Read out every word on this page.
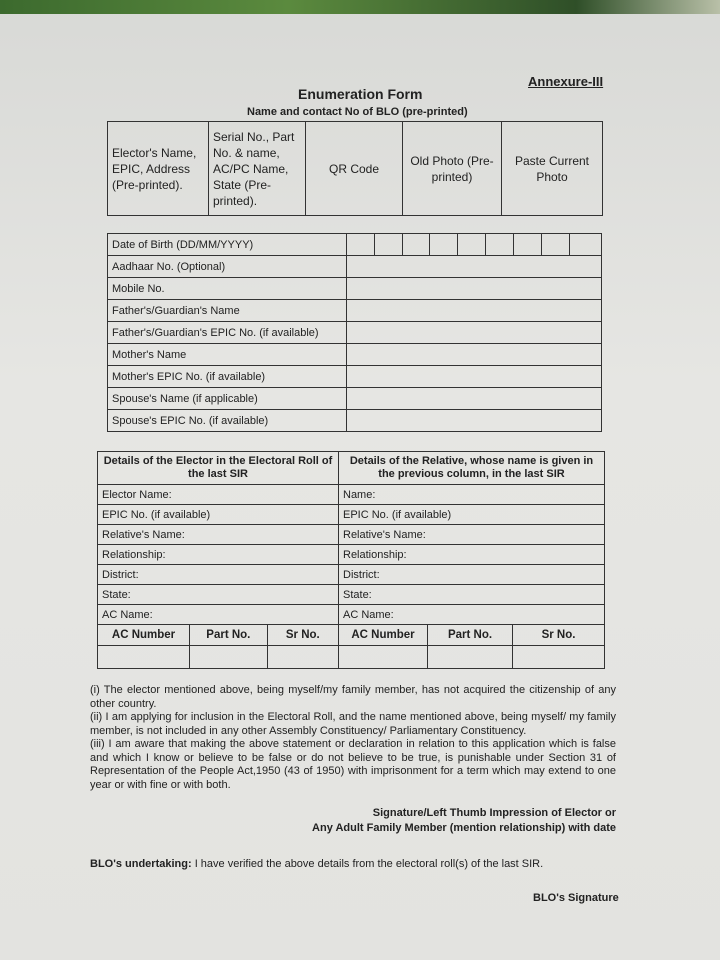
Annexure-III
Enumeration Form
Name and contact No of BLO (pre-printed)
Elector's Name, EPIC, Address (Pre-printed).	Serial No., Part No. & name, AC/PC Name, State (Pre-printed).	QR Code	Old Photo (Pre-printed)	Paste Current Photo
Date of Birth (DD/MM/YYYY)									
Aadhaar No. (Optional)									
Mobile No.									
Father's/Guardian's Name									
Father's/Guardian's EPIC No. (if available)									
Mother's Name									
Mother's EPIC No. (if available)									
Spouse's Name (if applicable)									
Spouse's EPIC No. (if available)									
Details of the Elector in the Electoral Roll of the last SIR			Details of the Relative, whose name is given in the previous column, in the last SIR		
Elector Name:			Name:		
EPIC No. (if available)			EPIC No. (if available)		
Relative's Name:			Relative's Name:		
Relationship:			Relationship:		
District:			District:		
State:			State:		
AC Name:			AC Name:		
AC Number	Part No.	Sr No.	AC Number	Part No.	Sr No.

(i) The elector mentioned above, being myself/my family member, has not acquired the citizenship of any other country.
(ii) I am applying for inclusion in the Electoral Roll, and the name mentioned above, being myself/ my family member, is not included in any other Assembly Constituency/ Parliamentary Constituency.
(iii) I am aware that making the above statement or declaration in relation to this application which is false and which I know or believe to be false or do not believe to be true, is punishable under Section 31 of Representation of the People Act,1950 (43 of 1950) with imprisonment for a term which may extend to one year or with fine or with both.
Signature/Left Thumb Impression of Elector or
Any Adult Family Member (mention relationship) with date
BLO's undertaking: I have verified the above details from the electoral roll(s) of the last SIR.
BLO's Signature
